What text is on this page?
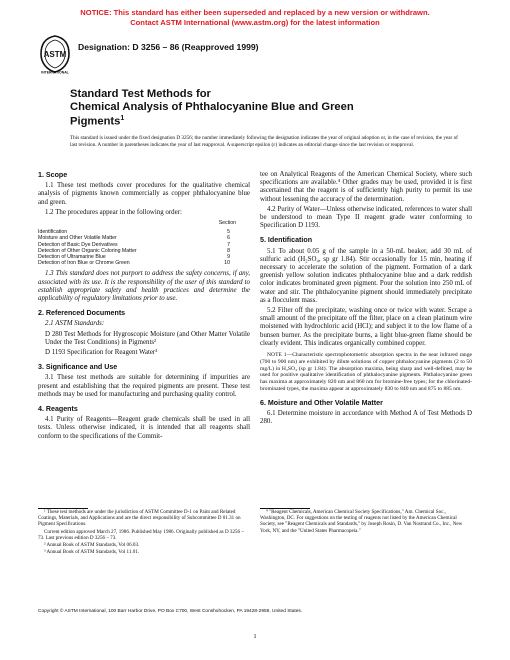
NOTICE: This standard has either been superseded and replaced by a new version or withdrawn.
Contact ASTM International (www.astm.org) for the latest information
ASTM
INTERNATIONAL
Designation: D 3256 – 86 (Reapproved 1999)
Standard Test Methods for
Chemical Analysis of Phthalocyanine Blue and Green
Pigments$^1$
This standard is issued under the fixed designation D 3256; the number immediately following the designation indicates the year of original adoption or, in the case of revision, the year of last revision. A number in parentheses indicates the year of last reapproval. A superscript epsilon (ε) indicates an editorial change since the last revision or reapproval.
1. Scope

1.1 These test methods cover procedures for the qualitative chemical analysis of pigments known commercially as copper phthalocyanine blue and green.

1.2 The procedures appear in the following order:

Section
Identification	5
Moisture and Other Volatile Matter	6
Detection of Basic Dye Derivatives	7
Detection of Other Organic Coloring Matter	8
Detection of Ultramarine Blue	9
Detection of Iron Blue or Chrome Green	10

1.3 This standard does not purport to address the safety concerns, if any, associated with its use. It is the responsibility of the user of this standard to establish appropriate safety and health practices and determine the applicability of regulatory limitations prior to use.

2. Referenced Documents

2.1 ASTM Standards:

D 280 Test Methods for Hygroscopic Moisture (and Other Matter Volatile Under the Test Conditions) in Pigments²
D 1193 Specification for Reagent Water³
3. Significance and Use

3.1 These test methods are suitable for determining if impurities are present and establishing that the required pigments are present. These test methods may be used for manufacturing and purchasing quality control.

4. Reagents

4.1 Purity of Reagents—Reagent grade chemicals shall be used in all tests. Unless otherwise indicated, it is intended that all reagents shall conform to the specifications of the Commit-

tee on Analytical Reagents of the American Chemical Society, where such specifications are available.⁴ Other grades may be used, provided it is first ascertained that the reagent is of sufficiently high purity to permit its use without lessening the accuracy of the determination.

4.2 Purity of Water—Unless otherwise indicated, references to water shall be understood to mean Type II reagent grade water conforming to Specification D 1193.

5. Identification

5.1 To about 0.05 g of the sample in a 50-mL beaker, add 30 mL of sulfuric acid (H₂SO₄, sp gr 1.84). Stir occasionally for 15 min, heating if necessary to accelerate the solution of the pigment. Formation of a dark greenish yellow solution indicates phthalocyanine blue and a dark reddish color indicates brominated green pigment. Pour the solution into 250 mL of water and stir. The phthalocyanine pigment should immediately precipitate as a flocculent mass.

5.2 Filter off the precipitate, washing once or twice with water. Scrape a small amount of the precipitate off the filter, place on a clean platinum wire moistened with hydrochloric acid (HCl); and subject it to the low flame of a bunsen burner. As the precipitate burns, a light blue-green flame should be clearly evident. This indicates organically combined copper.

NOTE 1—Characteristic spectrophotometric absorption spectra in the near infrared range (700 to 900 nm) are exhibited by dilute solutions of copper phthalocyanine pigments (2 to 50 mg/L) in H₂SO₄ (sp gr 1.84). The absorption maxima, being sharp and well-defined, may be used for positive qualitative identification of phthalocyanine pigments. Phthalocyanine green has maxima at approximately 820 nm and 860 nm for bromine-free types; for the chlorinated-brominated types, the maxima appear at approximately 830 to 840 nm and 875 to 885 nm.
6. Moisture and Other Volatile Matter

6.1 Determine moisture in accordance with Method A of Test Methods D 280.

¹ These test methods are under the jurisdiction of ASTM Committee D-1 on Paint and Related Coatings, Materials, and Applications and are the direct responsibility of Subcommittee D 01.31 on Pigment Specifications.
Current edition approved March 27, 1986. Published May 1986. Originally published as D 3256 – 73. Last previous edition D 3256 – 73.
² Annual Book of ASTM Standards, Vol 06.03.
³ Annual Book of ASTM Standards, Vol 11.01.
⁴ "Reagent Chemicals, American Chemical Society Specifications," Am. Chemical Soc., Washington, DC. For suggestions on the testing of reagents not listed by the American Chemical Society, see "Reagent Chemicals and Standards," by Joseph Rosin, D. Van Nostrand Co., Inc., New York, NY, and the "United States Pharmacopeia."
Copyright © ASTM International, 100 Barr Harbor Drive, PO Box C700, West Conshohocken, PA 19428-2959, United States.
1
